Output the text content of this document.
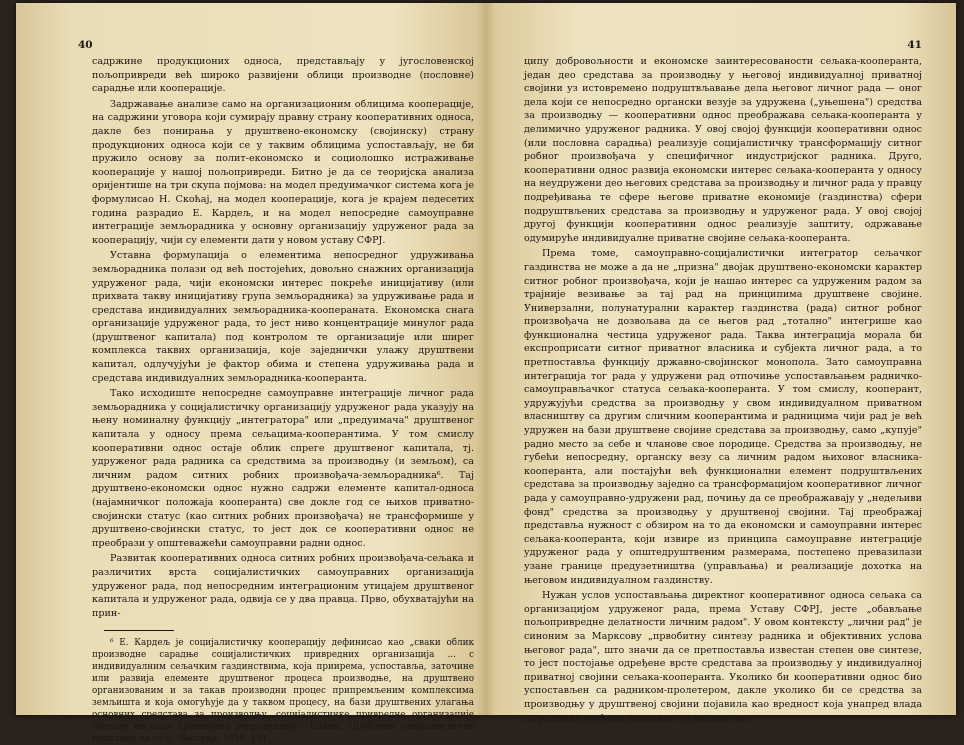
40

садржине продукционих односа, представљају у југословенској пољопривреди већ широко развијени облици производне (пословне) сарадње или кооперације.

Задржавање анализе само на организационим облицима кооперације, на садржини уговора који сумирају правну страну кооперативних односа, дакле без понирања у друштвено-економску (својинску) страну продукционих односа који се у таквим облицима успостављају, не би пружило основу за полит-економско и социолошко истраживање кооперације у нашој пољопривреди. Битно је да се теоријска анализа оријентише на три скупа појмова: на модел предуимачког система кога је формулисао Н. Скоћај, на модел кооперације, кога је крајем педесетих година разрадио Е. Кардељ, и на модел непосредне самоуправне интеграције земљорадника у основну организацију удруженог рада за кооперацију, чији су елементи дати у новом уставу СФРЈ.

Уставна формулација о елементима непосредног удруживања земљорадника полази од већ постојећих, довољно снажних организација удруженог рада, чији економски интерес покреће иницијативу (или прихвата такву иницијативу група земљорадника) за удруживање рада и средстава индивидуалних земљорадника-коопераната. Економска снага организације удруженог рада, то јест ниво концентрације минулог рада (друштвеног капитала) под контролом те организације или ширег комплекса таквих организација, које заједнички улажу друштвени капитал, одлучујући је фактор обима и степена удруживања рада и средстава индивидуалних земљорадника-кооперанта.

Тако исходиште непосредне самоуправне интеграције личног рада земљорадника у социјалистичку организацију удруженог рада указују на њену номиналну функцију „интегратора" или „предуимача" друштвеног капитала у односу према сељацима-кооперантима. У том смислу кооперативни однос остаје облик спреге друштвеног капитала, тј. удруженог рада радника са средствима за производњу (и земљом), са личним радом ситних робних произвођача-земљорадника⁶. Тај друштвено-економски однос нужно садржи елементе капитал-односа (најамничког положаја кооперанта) све докле год се њихов приватно-својински статус (као ситних робних произвођача) не трансформише у друштвено-својински статус, то јест док се кооперативни однос не преобрази у општеважећи самоуправни радни однос.

Развитак кооперативних односа ситних робних произвођача-сељака и различитих врста социјалистичких самоуправних организација удруженог рада, под непосредним интеграционим утицајем друштвеног капитала и удруженог рада, одвија се у два правца. Прво, обухватајући на прин-

⁶ Е. Кардељ је социјалистичку кооперацију дефинисао као „сваки облик производне сарадње социјалистичких привредних организација ... с индивидуалним сељачким газдинствима, која прииремa, успоставља, заточине или развија елементе друштвеног процеса производње, на друштвено организованим и за такав производни процес припремљеним комплексима земљишта и која омогућује да у таквом процесу, на бази друштвених улагања основних средстава за производњу, социјалистичке привредне организације постану носиоци проширене репродукције". Ibidem, Проблеми социјалистичке политике на селу, Београд, 1959, 151.

41

ципу добровољности и економске заинтересованости сељака-кооперанта, један део средстава за производњу у његовој индивидуалној приватној својини уз истовремено подруштвљавање дела његовог личног рада — оног дела који се непосредно органски везује за удружена („уњешена") средства за производњу — кооперативни однос преображава сељака-кооперанта у делимично удруженог радника. У овој својој функцији кооперативни однос (или пословна сарадња) реализује социјалистичку трансформацију ситног робног произвођача у специфичног индустријског радника. Друго, кооперативни однос развија економски интерес сељака-кооперанта у односу на неудружени део његових средстава за производњу и личног рада у правцу подређивања те сфере његове приватне економије (газдинства) сфери подруштвљених средстава за производњу и удруженог рада. У овој својој другој функцији кооперативни однос реализује заштиту, одржавање одумирућe индивидуалне приватне својине сељака-кооперанта.

Према томе, самоуправно-социјалистички интегратор сељачког газдинства не може а да не „призна" двојак друштвено-економски карактер ситног робног произвођача, који је нашао интерес са удруженим радом за трајније везивање за тај рад на принципима друштвене својине. Универзални, полунатурални карактер газдинства (рада) ситног робног произвођача не дозвољава да се његов рад „тотално" интегрише као функционална честица удруженог рада. Таква интеграција морала би експроприсати ситног приватног власника и субјекта личног рада, а то претпоставља функцију државно-својинског монопола. Зато самоуправна интеграција тог рада у удружени рад отпочиње успостављањем радничко-самоуправљачког статуса сељака-кооперанта. У том смислу, кооперант, удружујући средства за производњу у свом индивидуалном приватном власништву са другим сличним кооперантима и радницима чији рад је већ удружен на бази друштвене својине средстава за производњу, само „купује" радно место за себе и чланове свое породице. Средства за производњу, не губећи непосредну, органску везу са личним радом њиховог власника-кооперанта, али постајући већ функционални елемент подруштвљених средстава за производњу заједно са трансформацијом кооперативног личног рада у самоуправно-удружени рад, почињу да се преображавају у „недељиви фонд" средства за производњу у друштвеној својини. Тај преображај представља нужност с обзиром на то да економски и самоуправни интерес сељака-кооперанта, који извире из принципа самоуправне интеграције удруженог рада у општедруштвеним размерама, постепено превазилази узане границе предузетништва (управљања) и реализације дохотка на његовом индивидуалном газдинству.

Нужан услов успостављања директног кооперативног односа сељака са организацијом удруженог рада, према Уставу СФРЈ, јесте „обављање пољопривредне делатности личним радом". У овом контексту „лични рад" је синоним за Марксову „првобитну синтезу радника и објективних услова његовог рада", што значи да се претпоставља известан степен ове синтезе, то јест постојање одређене врсте средстава за производњу у индивидуалној приватној својини сељака-кооперанта. Уколико би кооперативни однос био успостављен са радником-пролетером, дакле уколико би се средства за производњу у друштвеној својини појавила као вредност која унапред влада од радника отуђени власници те вредности
